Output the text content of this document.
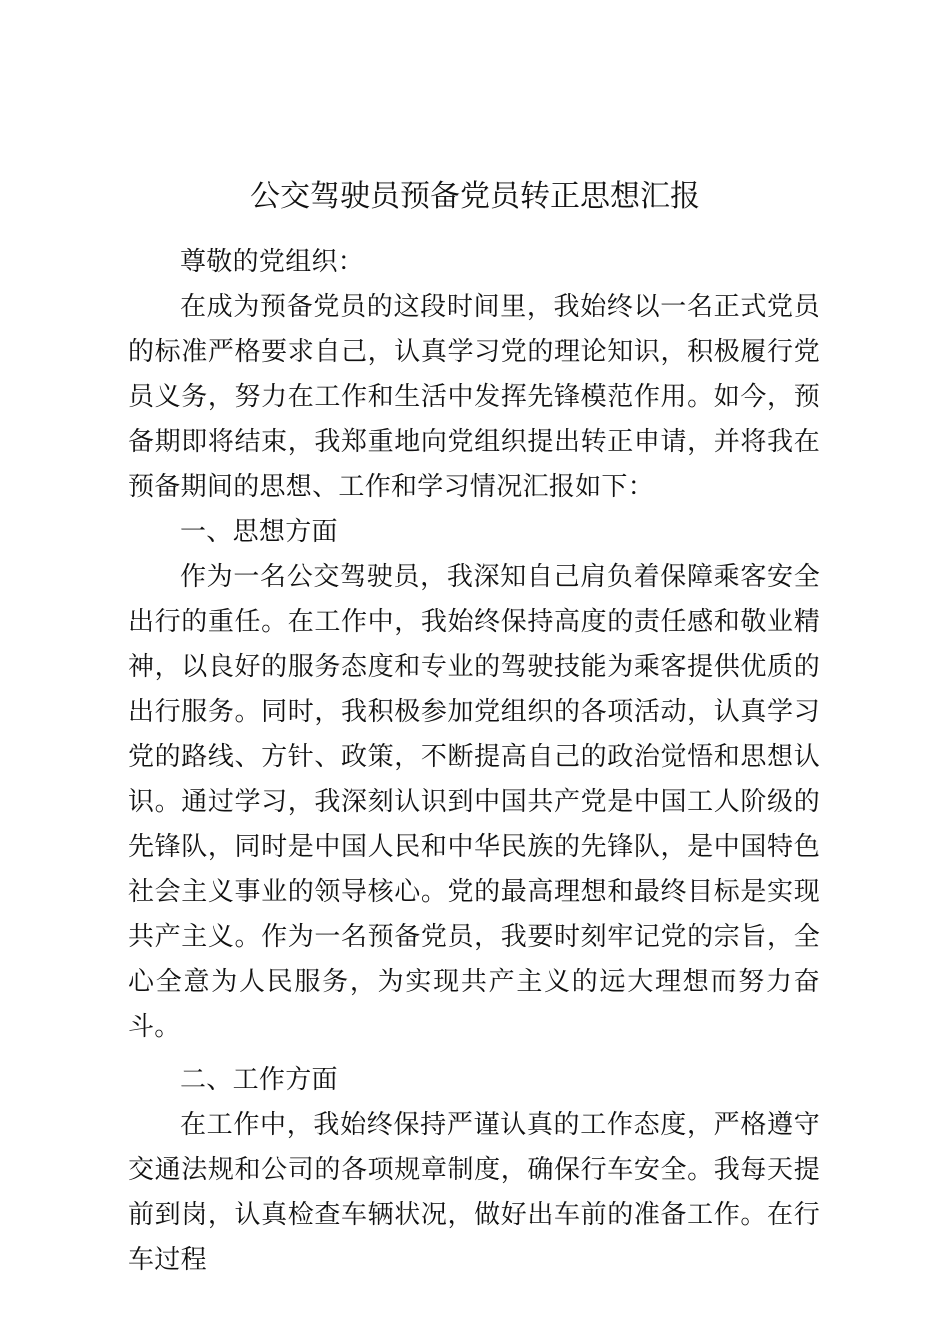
公交驾驶员预备党员转正思想汇报

尊敬的党组织：

在成为预备党员的这段时间里，我始终以一名正式党员的标准严格要求自己，认真学习党的理论知识，积极履行党员义务，努力在工作和生活中发挥先锋模范作用。如今，预备期即将结束，我郑重地向党组织提出转正申请，并将我在预备期间的思想、工作和学习情况汇报如下：

一、思想方面

作为一名公交驾驶员，我深知自己肩负着保障乘客安全出行的重任。在工作中，我始终保持高度的责任感和敬业精神，以良好的服务态度和专业的驾驶技能为乘客提供优质的出行服务。同时，我积极参加党组织的各项活动，认真学习党的路线、方针、政策，不断提高自己的政治觉悟和思想认识。通过学习，我深刻认识到中国共产党是中国工人阶级的先锋队，同时是中国人民和中华民族的先锋队，是中国特色社会主义事业的领导核心。党的最高理想和最终目标是实现共产主义。作为一名预备党员，我要时刻牢记党的宗旨，全心全意为人民服务，为实现共产主义的远大理想而努力奋斗。

二、工作方面

在工作中，我始终保持严谨认真的工作态度，严格遵守交通法规和公司的各项规章制度，确保行车安全。我每天提前到岗，认真检查车辆状况，做好出车前的准备工作。在行车过程
